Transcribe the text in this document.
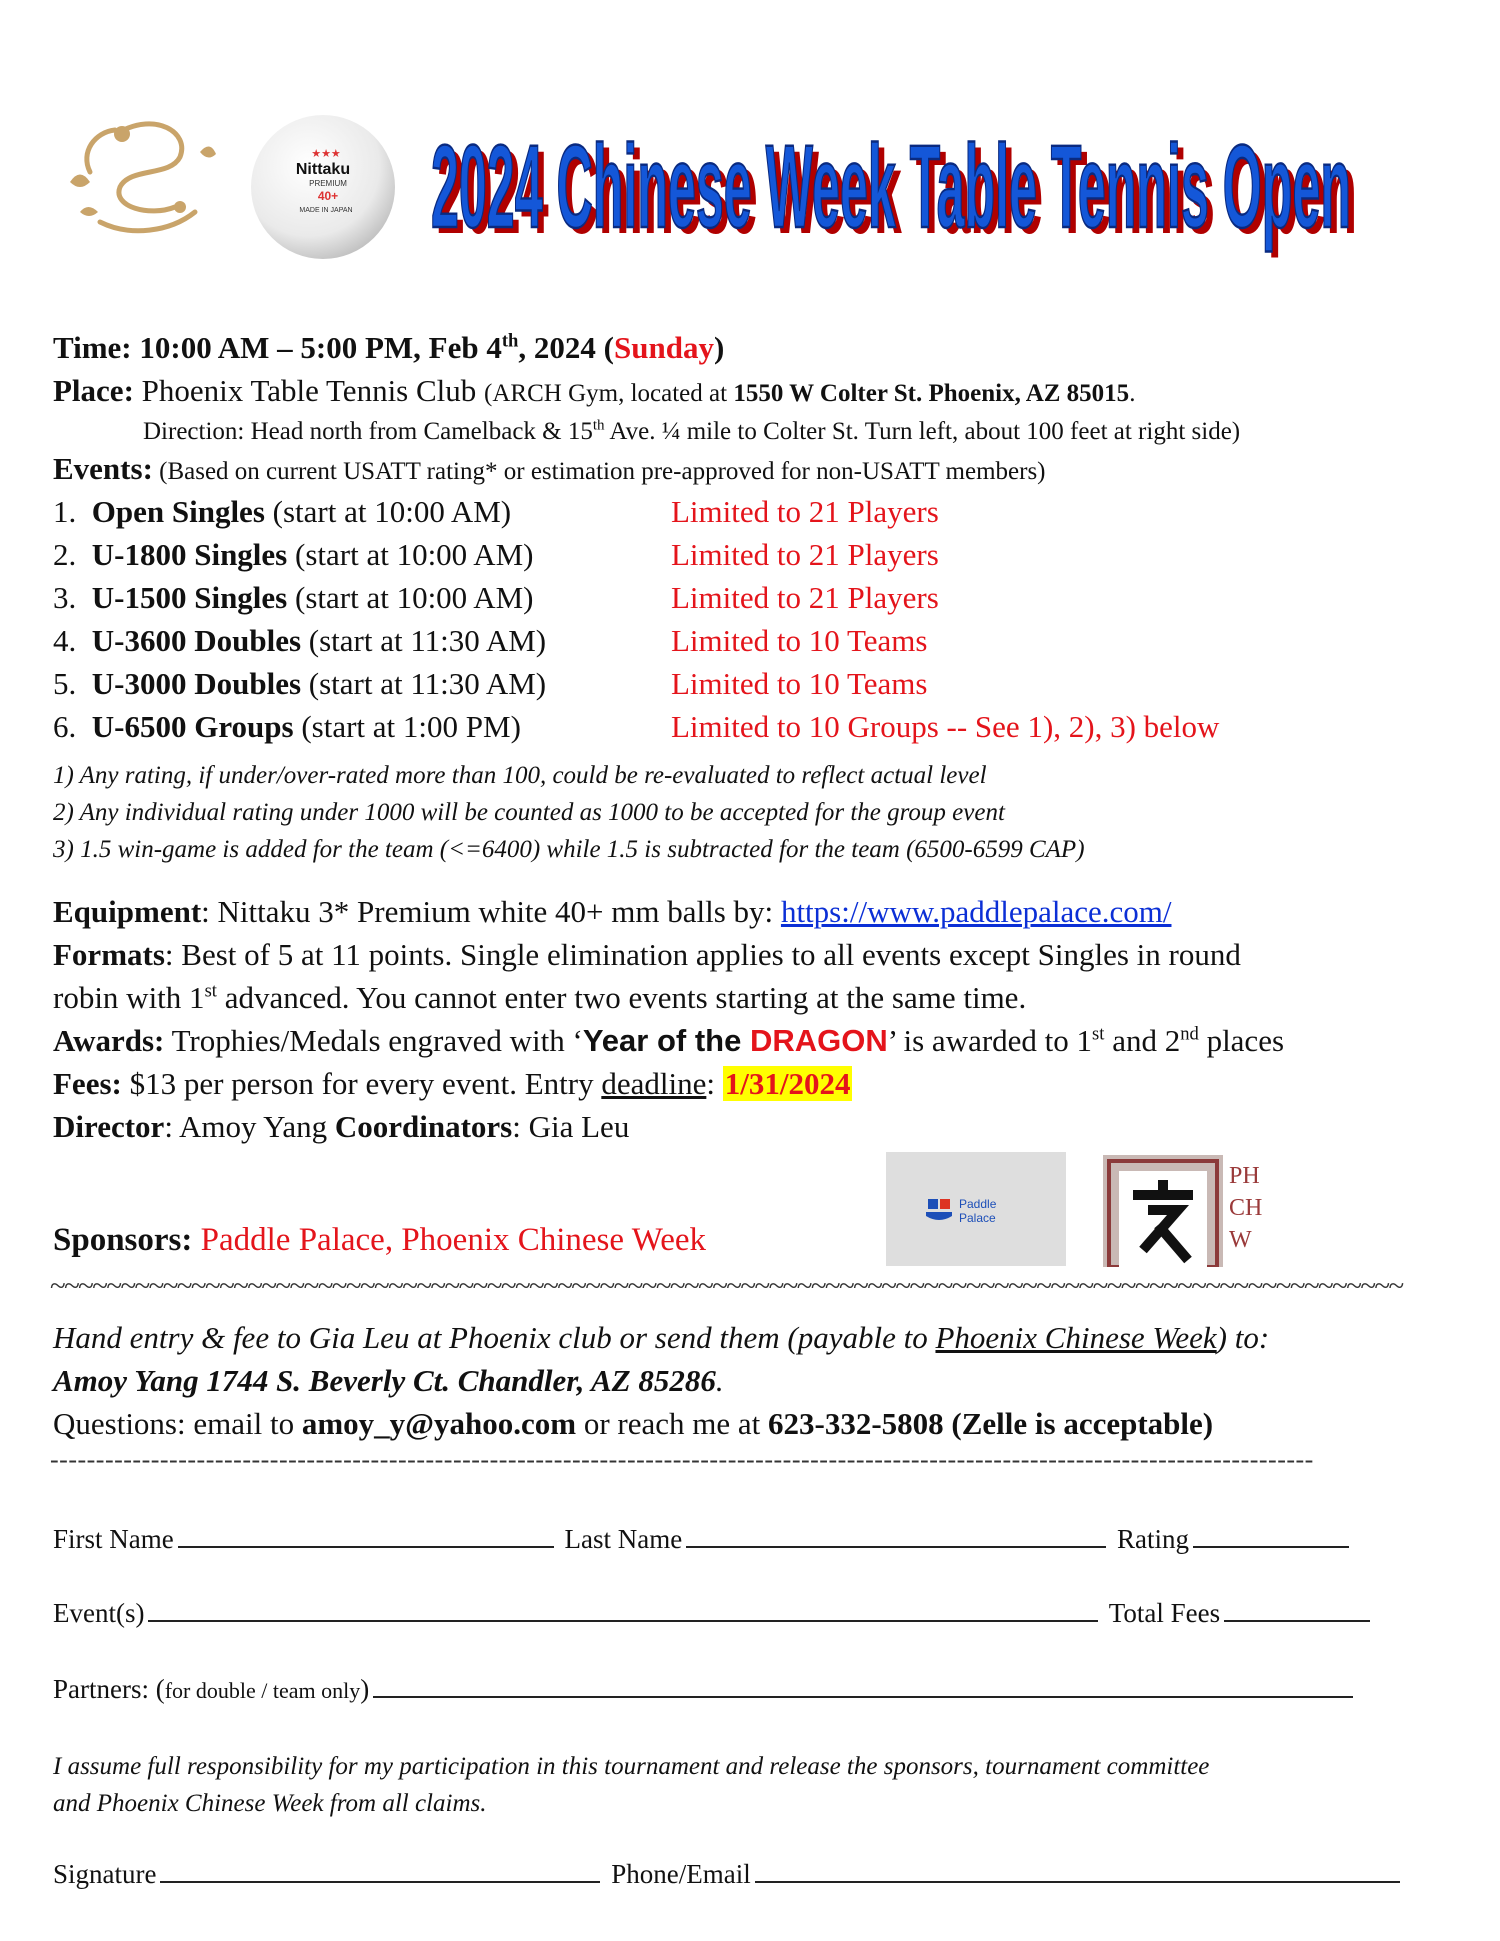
★★★
Nittaku
PREMIUM
40+
MADE IN JAPAN 2024 Chinese Week Table Tennis Open
2024 Chinese Week Table Tennis Open
Time: 10:00 AM – 5:00 PM, Feb 4th, 2024 (Sunday)
Place: Phoenix Table Tennis Club (ARCH Gym, located at 1550 W Colter St. Phoenix, AZ 85015.
Direction: Head north from Camelback & 15th Ave. ¼ mile to Colter St. Turn left, about 100 feet at right side)
Events: (Based on current USATT rating* or estimation pre-approved for non-USATT members)
1. Open Singles (start at 10:00 AM)	Limited to 21 Players
2. U-1800 Singles (start at 10:00 AM)	Limited to 21 Players
3. U-1500 Singles (start at 10:00 AM)	Limited to 21 Players
4. U-3600 Doubles (start at 11:30 AM)	Limited to 10 Teams
5. U-3000 Doubles (start at 11:30 AM)	Limited to 10 Teams
6. U-6500 Groups (start at 1:00 PM)	Limited to 10 Groups -- See 1), 2), 3) below
1) Any rating, if under/over-rated more than 100, could be re-evaluated to reflect actual level
2) Any individual rating under 1000 will be counted as 1000 to be accepted for the group event
3) 1.5 win-game is added for the team (<=6400) while 1.5 is subtracted for the team (6500-6599 CAP)
Equipment: Nittaku 3* Premium white 40+ mm balls by: https://www.paddlepalace.com/
Formats: Best of 5 at 11 points. Single elimination applies to all events except Singles in round
robin with 1st advanced. You cannot enter two events starting at the same time.
Awards: Trophies/Medals engraved with ‘Year of the DRAGON’ is awarded to 1st and 2nd places
Fees: $13 per person for every event. Entry deadline: 1/31/2024
Director: Amoy Yang Coordinators: Gia Leu
Sponsors: Paddle Palace, Phoenix Chinese Week
Paddle
Palace
PH
CH
W
~~~~~~~~~~~~~~~~~~~~~~~~~~~~~~~~~~~~~~~~~~~~~~~~~~~~~~~~~~~~~~~~~~~~~~~~~~~~~~~~~~~~~~~~~~~~~~~~
Hand entry & fee to Gia Leu at Phoenix club or send them (payable to Phoenix Chinese Week) to:
Amoy Yang 1744 S. Beverly Ct. Chandler, AZ 85286.
Questions: email to amoy_y@yahoo.com or reach me at 623-332-5808 (Zelle is acceptable)
------------------------------------------------------------------------------------------------------------------------------------------
First Name	Last Name	Rating
Event(s)	Total Fees
Partners: (for double / team only)
I assume full responsibility for my participation in this tournament and release the sponsors, tournament committee
and Phoenix Chinese Week from all claims.
Signature	Phone/Email
